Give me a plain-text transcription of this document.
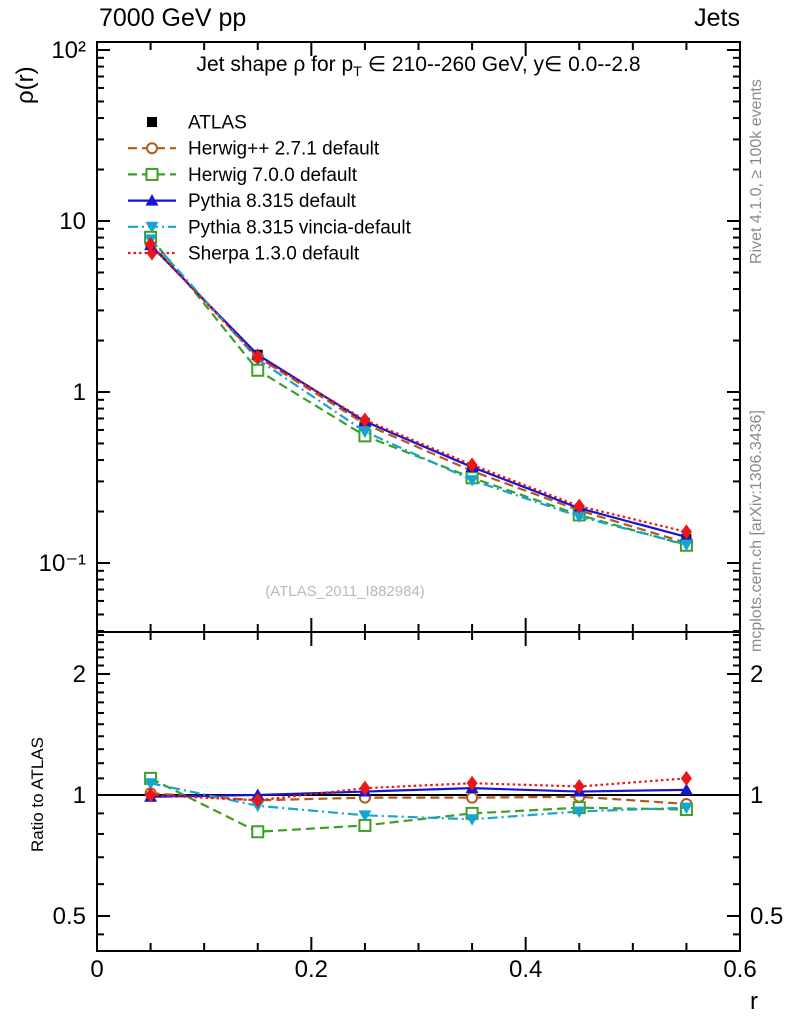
ATLAS
Herwig++ 2.7.1 default
Herwig 7.0.0 default
Pythia 8.315 default
Pythia 8.315 vincia-default
Sherpa 1.3.0 default
10²
10
1
10⁻¹
2	2
1	1
0.5	0.5
0	0.2	0.4	0.6
7000 GeV pp	Jets
Jet shape ρ for $p_T$ ∈ 210--260 GeV, y∈ 0.0--2.8
ρ(r)
Ratio to ATLAS
r
(ATLAS_2011_I882984)
Rivet 4.1.0, ≥ 100k events
mcplots.cern.ch [arXiv:1306.3436]
